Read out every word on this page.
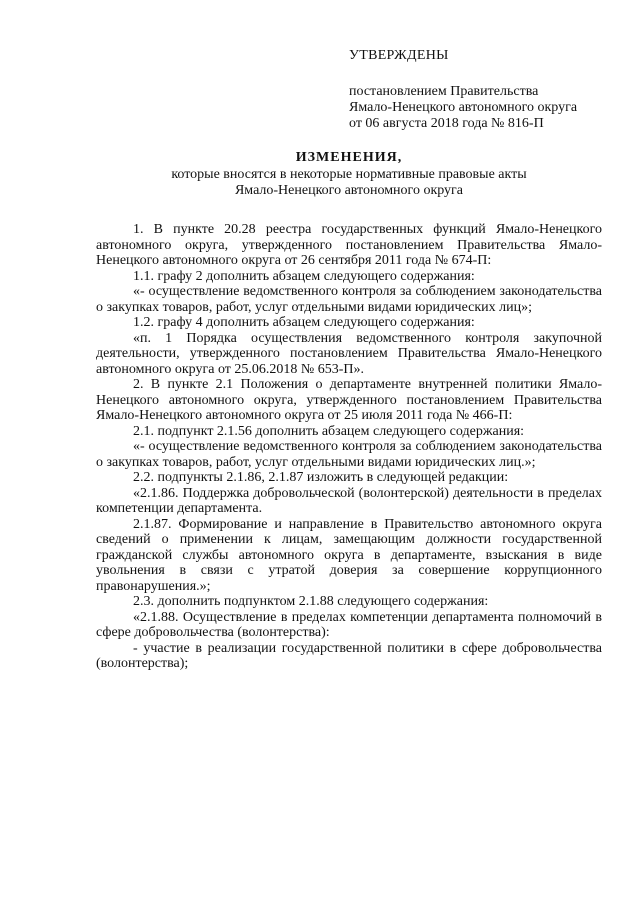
УТВЕРЖДЕНЫ
постановлением Правительства
Ямало-Ненецкого автономного округа
от 06 августа 2018 года № 816-П
ИЗМЕНЕНИЯ,
которые вносятся в некоторые нормативные правовые акты
Ямало-Ненецкого автономного округа

1. В пункте 20.28 реестра государственных функций Ямало-Ненецкого автономного округа, утвержденного постановлением Правительства Ямало-Ненецкого автономного округа от 26 сентября 2011 года № 674-П:

1.1. графу 2 дополнить абзацем следующего содержания:

«- осуществление ведомственного контроля за соблюдением законодательства о закупках товаров, работ, услуг отдельными видами юридических лиц»;

1.2. графу 4 дополнить абзацем следующего содержания:

«п. 1 Порядка осуществления ведомственного контроля закупочной деятельности, утвержденного постановлением Правительства Ямало-Ненецкого автономного округа от 25.06.2018 № 653-П».

2. В пункте 2.1 Положения о департаменте внутренней политики Ямало-Ненецкого автономного округа, утвержденного постановлением Правительства Ямало-Ненецкого автономного округа от 25 июля 2011 года № 466-П:

2.1. подпункт 2.1.56 дополнить абзацем следующего содержания:

«- осуществление ведомственного контроля за соблюдением законодательства о закупках товаров, работ, услуг отдельными видами юридических лиц.»;

2.2. подпункты 2.1.86, 2.1.87 изложить в следующей редакции:

«2.1.86. Поддержка добровольческой (волонтерской) деятельности в пределах компетенции департамента.

2.1.87. Формирование и направление в Правительство автономного округа сведений о применении к лицам, замещающим должности государственной гражданской службы автономного округа в департаменте, взыскания в виде увольнения в связи с утратой доверия за совершение коррупционного правонарушения.»;

2.3. дополнить подпунктом 2.1.88 следующего содержания:

«2.1.88. Осуществление в пределах компетенции департамента полномочий в сфере добровольчества (волонтерства):

- участие в реализации государственной политики в сфере добровольчества (волонтерства);
